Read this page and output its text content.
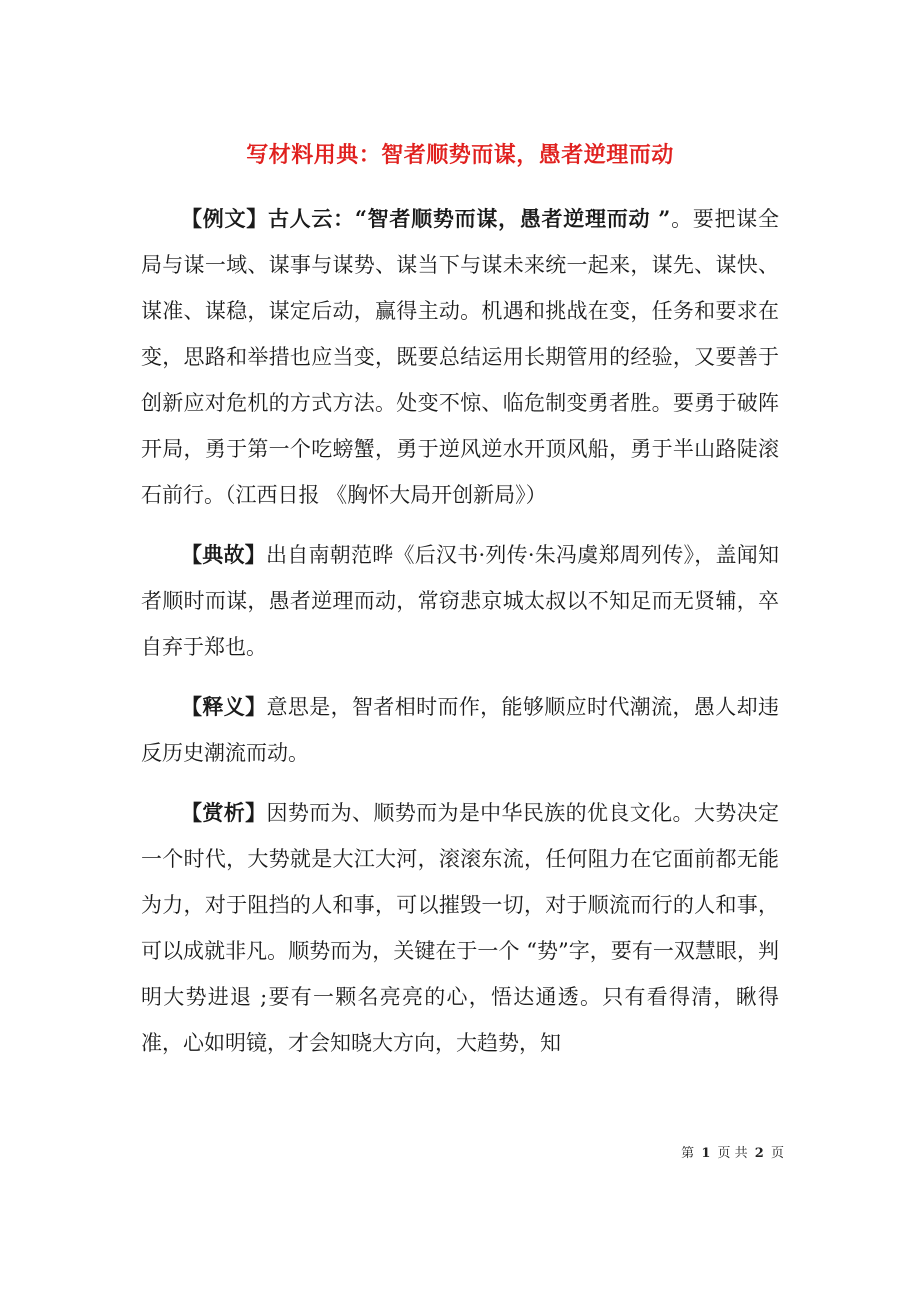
写材料用典：智者顺势而谋，愚者逆理而动

【例文】古人云：“智者顺势而谋，愚者逆理而动 ”。要把谋全局与谋一域、谋事与谋势、谋当下与谋未来统一起来，谋先、谋快、谋准、谋稳，谋定后动，赢得主动。机遇和挑战在变，任务和要求在变，思路和举措也应当变，既要总结运用长期管用的经验，又要善于创新应对危机的方式方法。处变不惊、临危制变勇者胜。要勇于破阵开局，勇于第一个吃螃蟹，勇于逆风逆水开顶风船，勇于半山路陡滚石前行。（江西日报 《胸怀大局开创新局》）

【典故】出自南朝范晔《后汉书·列传·朱冯虞郑周列传》，盖闻知者顺时而谋，愚者逆理而动，常窃悲京城太叔以不知足而无贤辅，卒自弃于郑也。

【释义】意思是，智者相时而作，能够顺应时代潮流，愚人却违反历史潮流而动。

【赏析】因势而为、顺势而为是中华民族的优良文化。大势决定一个时代，大势就是大江大河，滚滚东流，任何阻力在它面前都无能为力，对于阻挡的人和事，可以摧毁一切，对于顺流而行的人和事，可以成就非凡。顺势而为，关键在于一个 “势”字，要有一双慧眼，判明大势进退 ;要有一颗名亮亮的心，悟达通透。只有看得清，瞅得准，心如明镜，才会知晓大方向，大趋势，知

第 1 页 共 2 页
